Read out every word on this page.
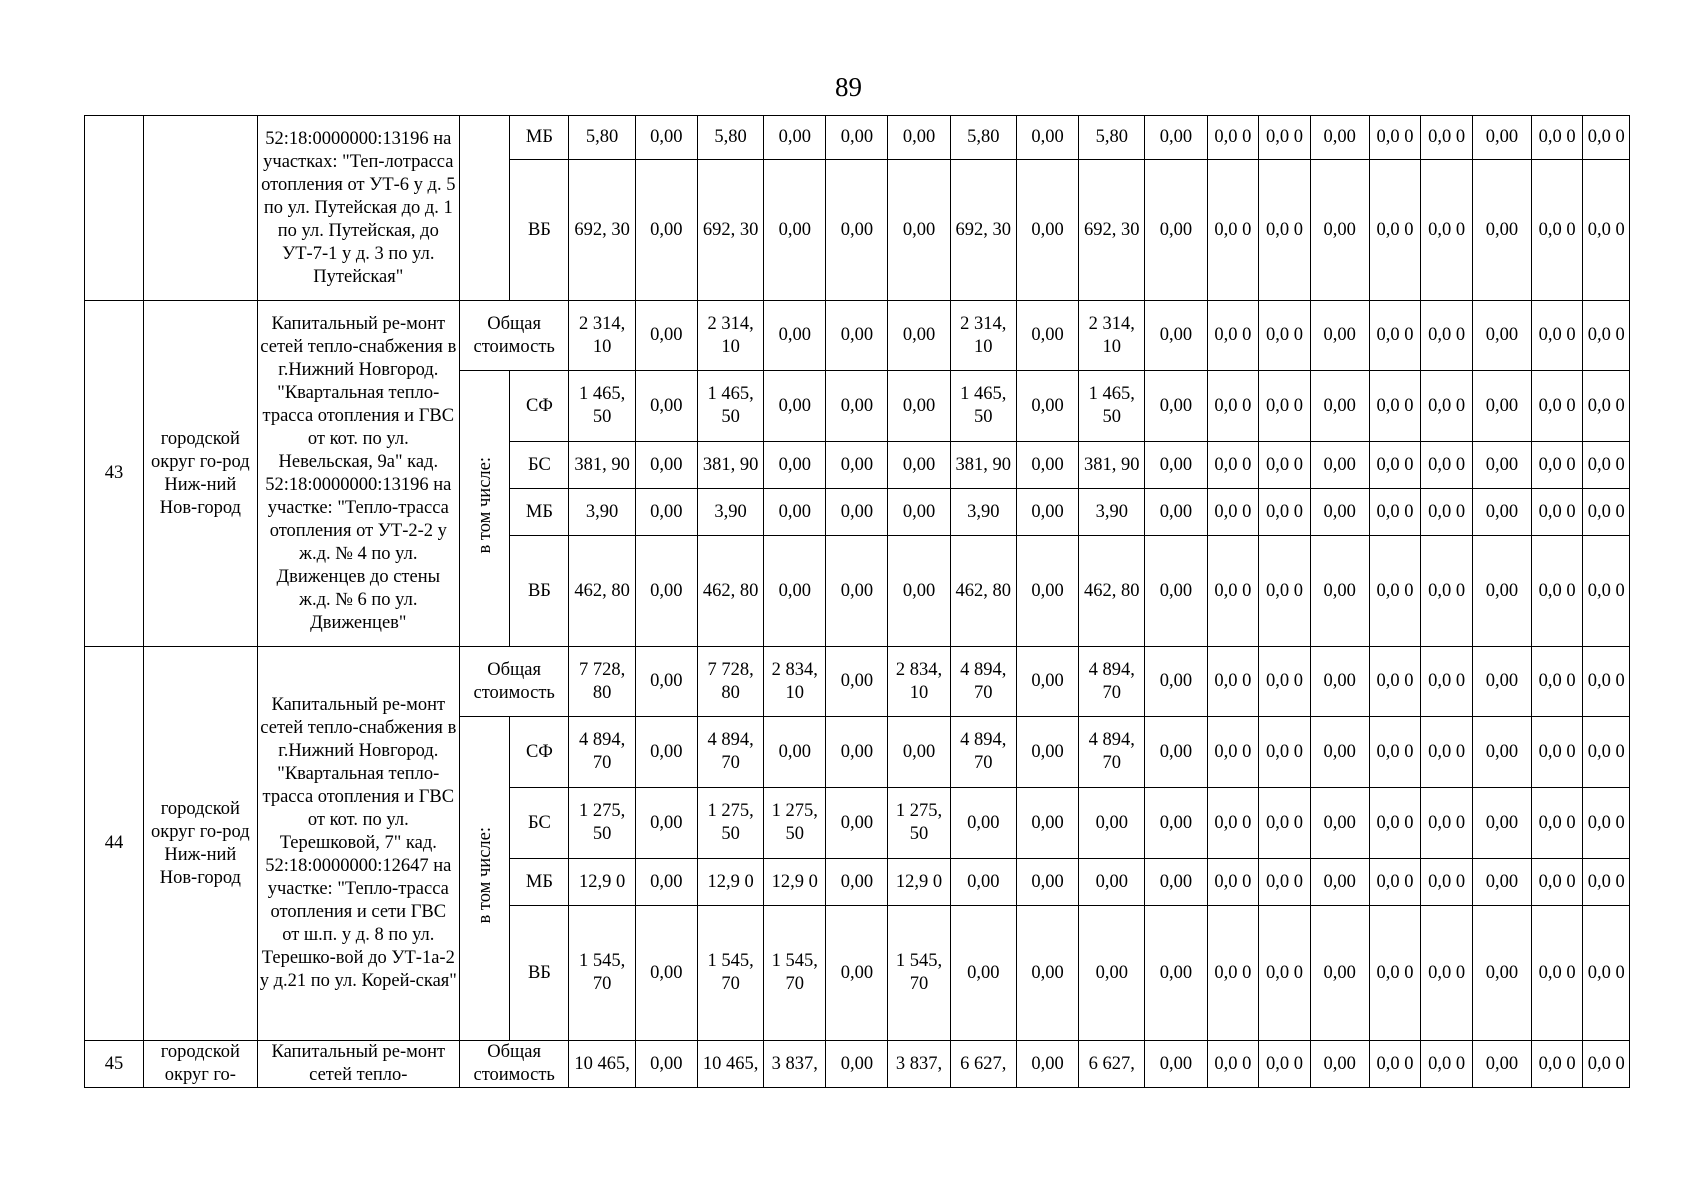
89
		52:18:0000000:13196 на участках: "Теп-лотрасса отопления от УТ-6 у д. 5 по ул. Путейская до д. 1 по ул. Путейская, до УТ-7-1 у д. 3 по ул. Путейская"		МБ	5,80	0,00	5,80	0,00	0,00	0,00	5,80	0,00	5,80	0,00	0,0 0	0,0 0	0,00	0,0 0	0,0 0	0,00	0,0 0	0,0 0
				ВБ	692, 30	0,00	692, 30	0,00	0,00	0,00	692, 30	0,00	692, 30	0,00	0,0 0	0,0 0	0,00	0,0 0	0,0 0	0,00	0,0 0	0,0 0
43	городской округ го-род Ниж-ний Нов-город	Капитальный ре-монт сетей тепло-снабжения в г.Нижний Новгород. "Квартальная тепло-трасса отопления и ГВС от кот. по ул. Невельская, 9а" кад. 52:18:0000000:13196 на участке: "Тепло-трасса отопления от УТ-2-2 у ж.д. № 4 по ул. Движенцев до стены ж.д. № 6 по ул. Движенцев"	Общая стоимость		2 314, 10	0,00	2 314, 10	0,00	0,00	0,00	2 314, 10	0,00	2 314, 10	0,00	0,0 0	0,0 0	0,00	0,0 0	0,0 0	0,00	0,0 0	0,0 0
			в том числе:	СФ	1 465, 50	0,00	1 465, 50	0,00	0,00	0,00	1 465, 50	0,00	1 465, 50	0,00	0,0 0	0,0 0	0,00	0,0 0	0,0 0	0,00	0,0 0	0,0 0
				БС	381, 90	0,00	381, 90	0,00	0,00	0,00	381, 90	0,00	381, 90	0,00	0,0 0	0,0 0	0,00	0,0 0	0,0 0	0,00	0,0 0	0,0 0
				МБ	3,90	0,00	3,90	0,00	0,00	0,00	3,90	0,00	3,90	0,00	0,0 0	0,0 0	0,00	0,0 0	0,0 0	0,00	0,0 0	0,0 0
				ВБ	462, 80	0,00	462, 80	0,00	0,00	0,00	462, 80	0,00	462, 80	0,00	0,0 0	0,0 0	0,00	0,0 0	0,0 0	0,00	0,0 0	0,0 0
44	городской округ го-род Ниж-ний Нов-город	Капитальный ре-монт сетей тепло-снабжения в г.Нижний Новгород. "Квартальная тепло-трасса отопления и ГВС от кот. по ул. Терешковой, 7" кад. 52:18:0000000:12647 на участке: "Тепло-трасса отопления и сети ГВС от ш.п. у д. 8 по ул. Терешко-вой до УТ-1а-2 у д.21 по ул. Корей-ская"	Общая стоимость		7 728, 80	0,00	7 728, 80	2 834, 10	0,00	2 834, 10	4 894, 70	0,00	4 894, 70	0,00	0,0 0	0,0 0	0,00	0,0 0	0,0 0	0,00	0,0 0	0,0 0
			в том числе:	СФ	4 894, 70	0,00	4 894, 70	0,00	0,00	0,00	4 894, 70	0,00	4 894, 70	0,00	0,0 0	0,0 0	0,00	0,0 0	0,0 0	0,00	0,0 0	0,0 0
				БС	1 275, 50	0,00	1 275, 50	1 275, 50	0,00	1 275, 50	0,00	0,00	0,00	0,00	0,0 0	0,0 0	0,00	0,0 0	0,0 0	0,00	0,0 0	0,0 0
				МБ	12,9 0	0,00	12,9 0	12,9 0	0,00	12,9 0	0,00	0,00	0,00	0,00	0,0 0	0,0 0	0,00	0,0 0	0,0 0	0,00	0,0 0	0,0 0
				ВБ	1 545, 70	0,00	1 545, 70	1 545, 70	0,00	1 545, 70	0,00	0,00	0,00	0,00	0,0 0	0,0 0	0,00	0,0 0	0,0 0	0,00	0,0 0	0,0 0
45	городской округ го-	Капитальный ре-монт сетей тепло-	Общая стоимость		10 465,	0,00	10 465,	3 837,	0,00	3 837,	6 627,	0,00	6 627,	0,00	0,0 0	0,0 0	0,00	0,0 0	0,0 0	0,00	0,0 0	0,0 0
